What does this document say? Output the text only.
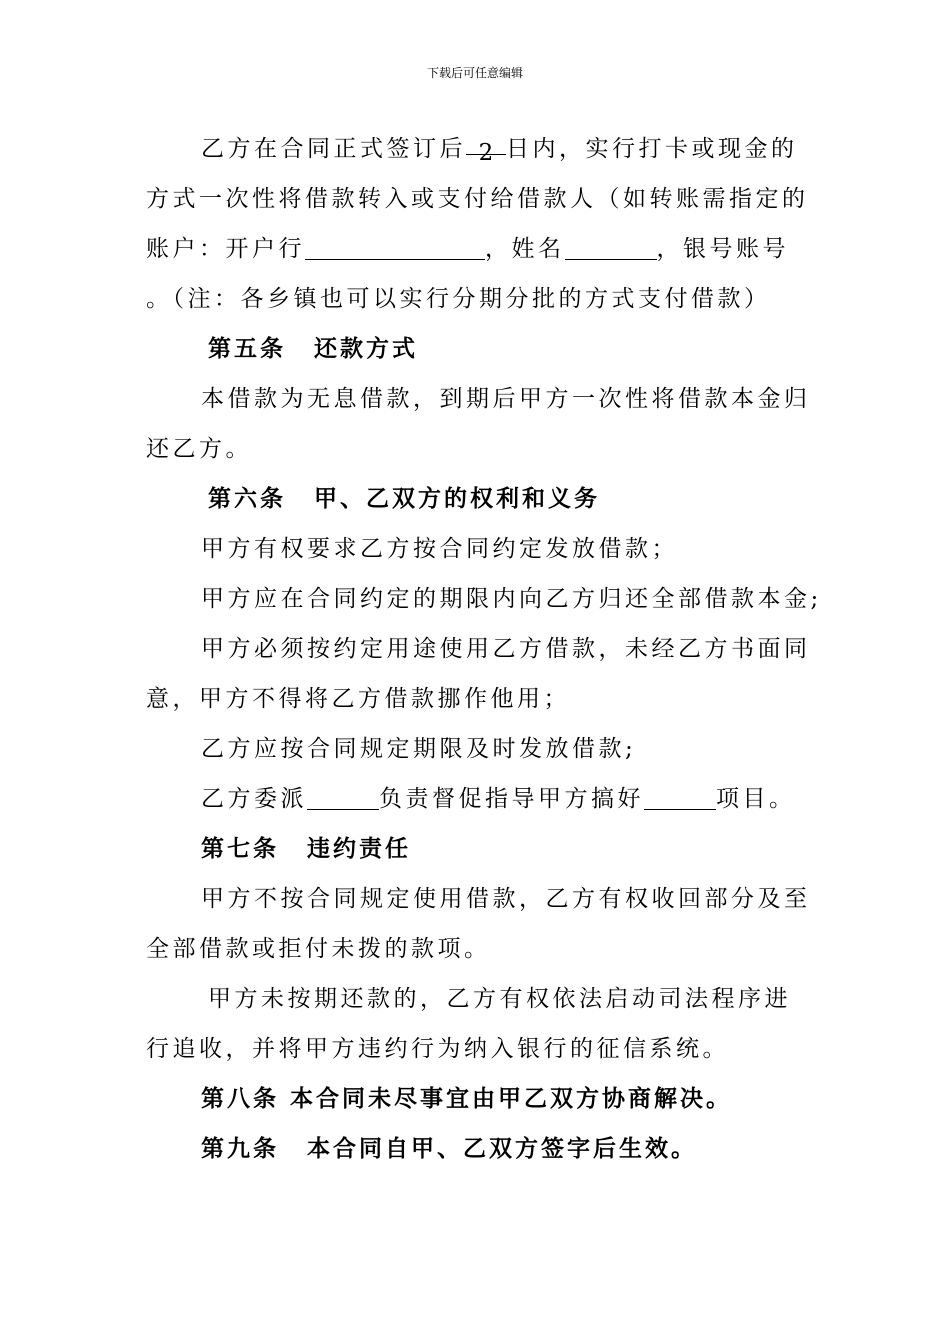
下载后可任意编辑
乙方在合同正式签订后 2 日内，实行打卡或现金的
方式一次性将借款转入或支付给借款人（如转账需指定的
账户：开户行	，姓名	，银号账号
。（注：各乡镇也可以实行分期分批的方式支付借款）
第五条 还款方式
本借款为无息借款，到期后甲方一次性将借款本金归
还乙方。
第六条 甲、乙双方的权利和义务
甲方有权要求乙方按合同约定发放借款；
甲方应在合同约定的期限内向乙方归还全部借款本金;
甲方必须按约定用途使用乙方借款，未经乙方书面同
意，甲方不得将乙方借款挪作他用；
乙方应按合同规定期限及时发放借款;
乙方委派	负责督促指导甲方搞好	项目。
第七条 违约责任
甲方不按合同规定使用借款，乙方有权收回部分及至
全部借款或拒付未拨的款项。
甲方未按期还款的，乙方有权依法启动司法程序进
行追收，并将甲方违约行为纳入银行的征信系统。
第八条 本合同未尽事宜由甲乙双方协商解决。
第九条 本合同自甲、乙双方签字后生效。
